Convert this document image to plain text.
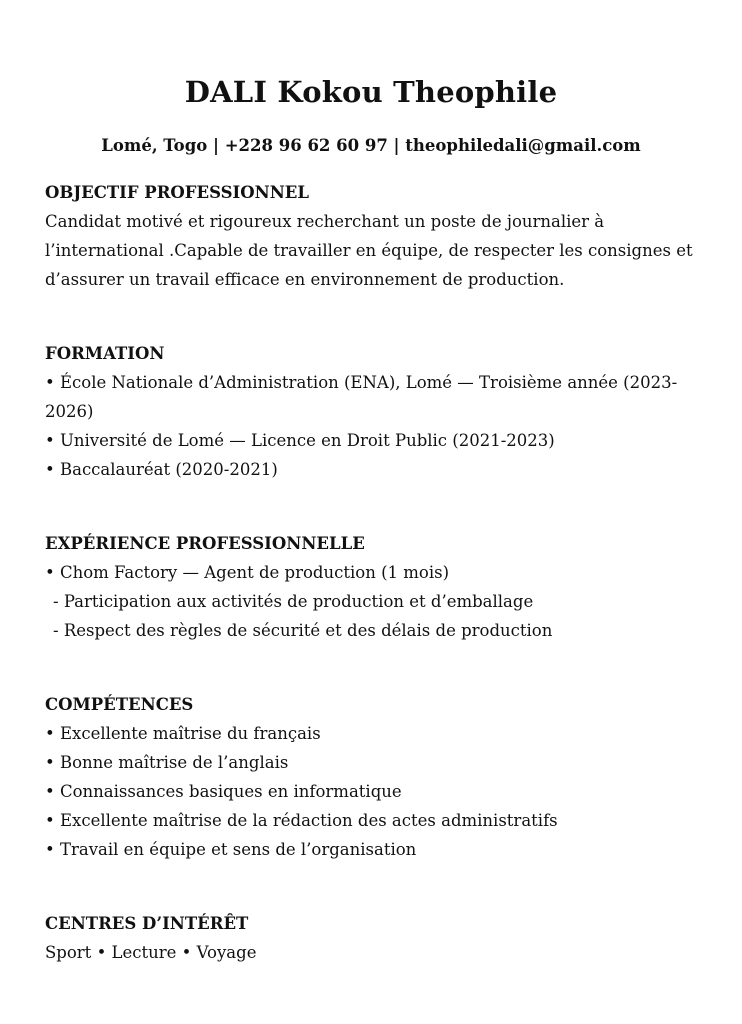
DALI Kokou Theophile
Lomé, Togo | +228 96 62 60 97 | theophiledali@gmail.com
OBJECTIF PROFESSIONNEL
Candidat motivé et rigoureux recherchant un poste de journalier à
l’international .Capable de travailler en équipe, de respecter les consignes et
d’assurer un travail efficace en environnement de production.
FORMATION
• École Nationale d’Administration (ENA), Lomé — Troisième année (2023-
2026)
• Université de Lomé — Licence en Droit Public (2021-2023)
• Baccalauréat (2020-2021)
EXPÉRIENCE PROFESSIONNELLE
• Chom Factory — Agent de production (1 mois)
- Participation aux activités de production et d’emballage
- Respect des règles de sécurité et des délais de production
COMPÉTENCES
• Excellente maîtrise du français
• Bonne maîtrise de l’anglais
• Connaissances basiques en informatique
• Excellente maîtrise de la rédaction des actes administratifs
• Travail en équipe et sens de l’organisation
CENTRES D’INTÉRÊT
Sport • Lecture • Voyage
